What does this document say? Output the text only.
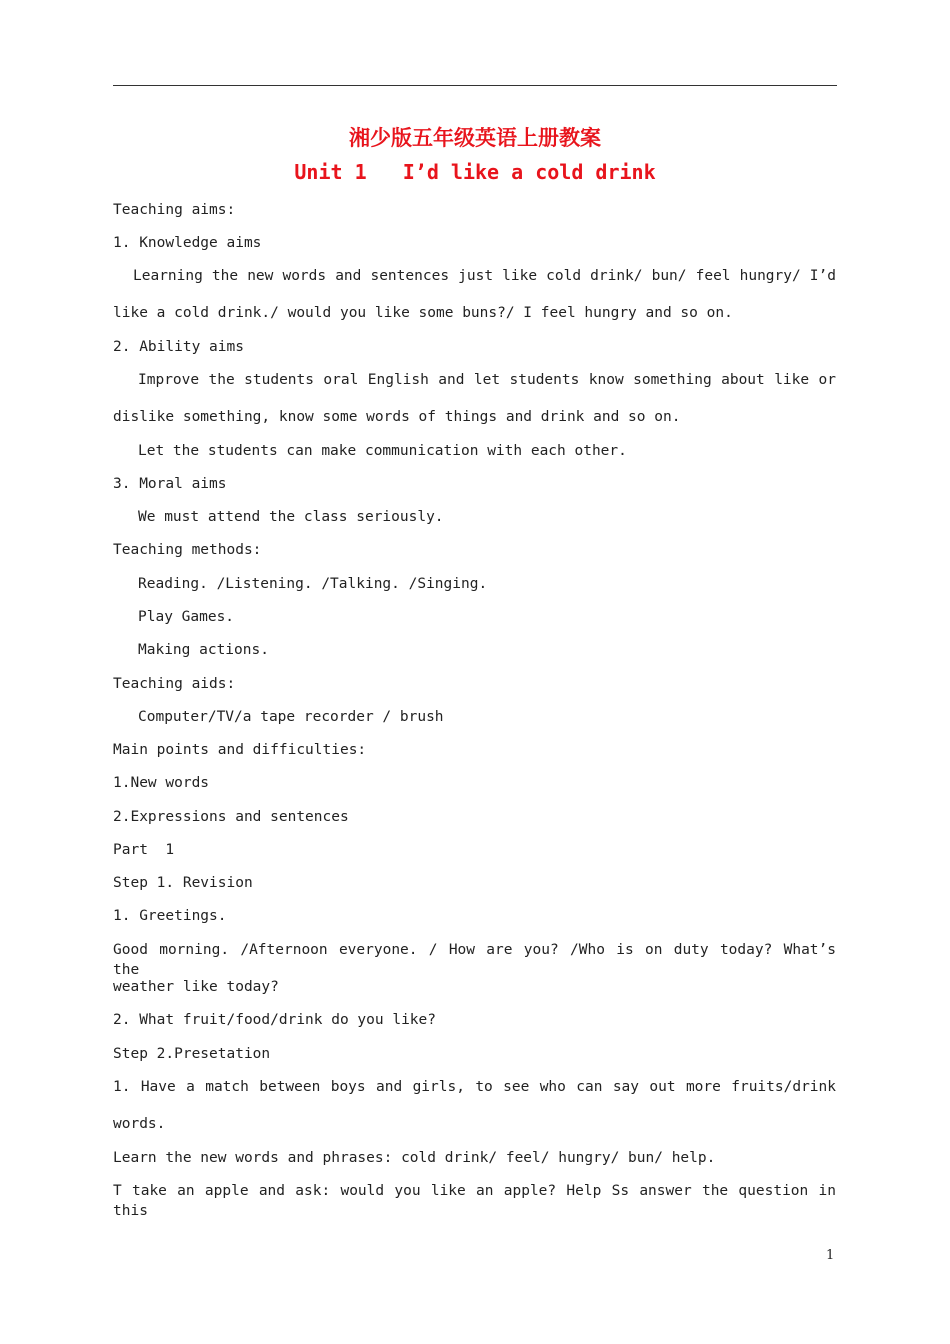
湘少版五年级英语上册教案
Unit 1   I’d like a cold drink
Teaching aims:
1. Knowledge aims
Learning the new words and sentences just like cold drink/ bun/ feel hungry/ I’d
like a cold drink./ would you like some buns?/ I feel hungry and so on.
2. Ability aims
Improve the students oral English and let students know something about like or
dislike something, know some words of things and drink and so on.
Let the students can make communication with each other.
3. Moral aims
We must attend the class seriously.
Teaching methods:
Reading. /Listening. /Talking. /Singing.
Play Games.
Making actions.
Teaching aids:
Computer/TV/a tape recorder / brush
Main points and difficulties:
1.New words
2.Expressions and sentences
Part  1
Step 1. Revision
1. Greetings.
Good morning. /Afternoon everyone. / How are you? /Who is on duty today? What’s the
weather like today?
2. What fruit/food/drink do you like?
Step 2.Presetation
1. Have a match between boys and girls, to see who can say out more fruits/drink
words.
Learn the new words and phrases: cold drink/ feel/ hungry/ bun/ help.
T take an apple and ask: would you like an apple? Help Ss answer the question in this
1
